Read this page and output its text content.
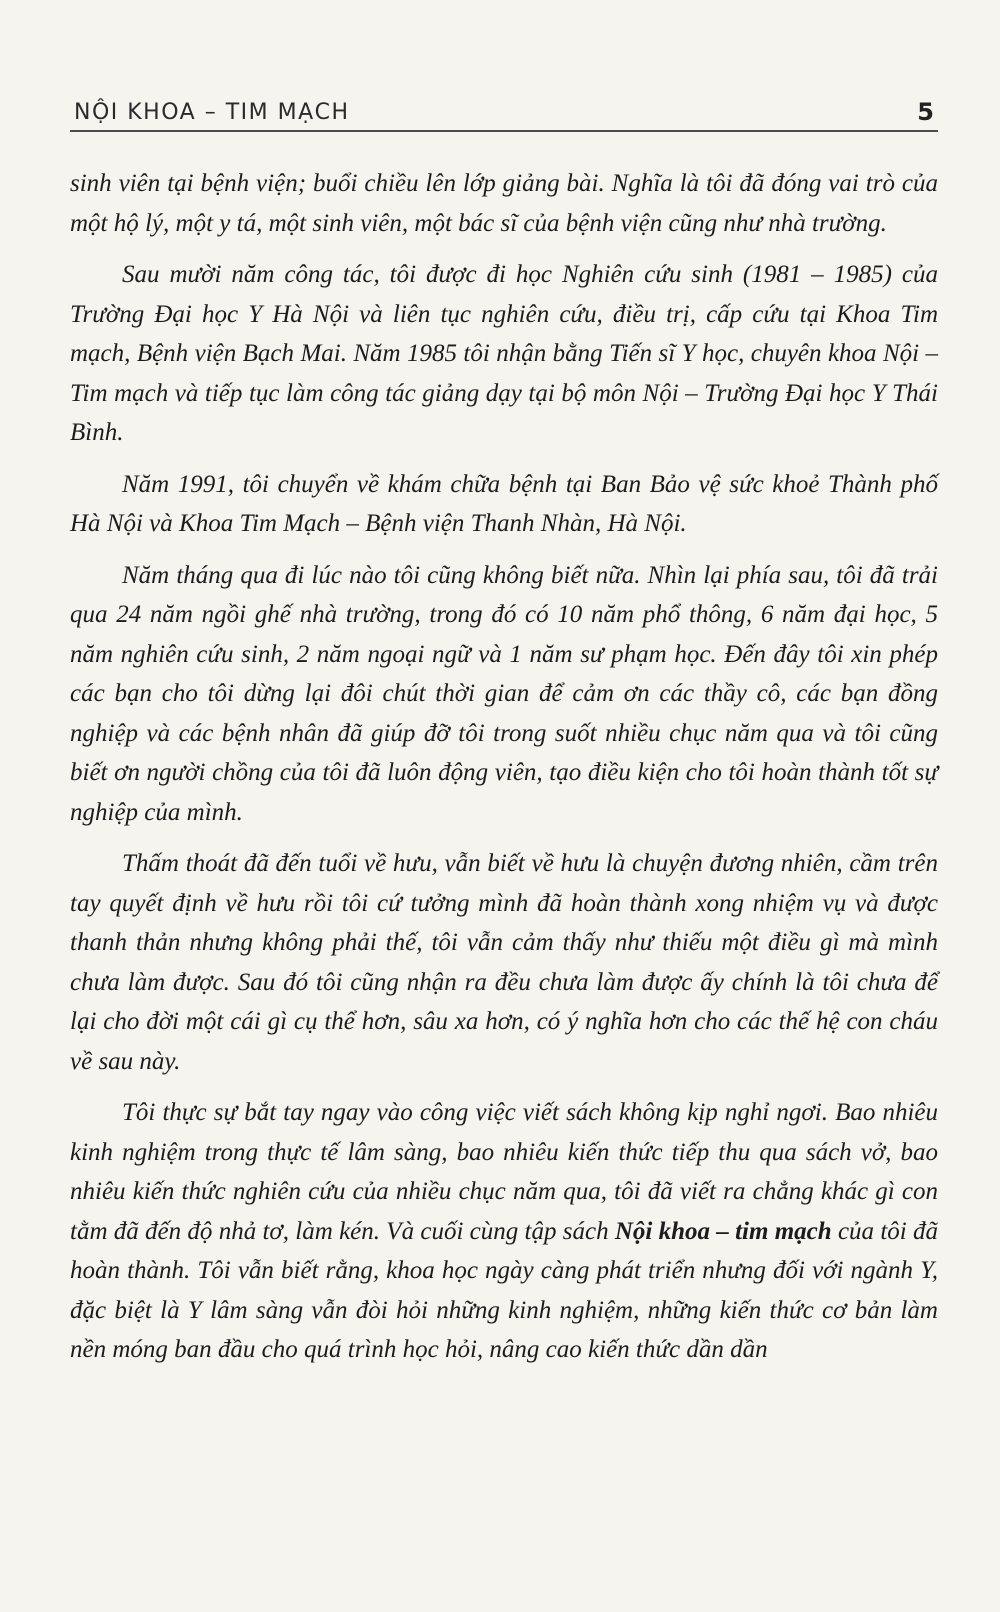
NỘI KHOA – TIM MẠCH	5

sinh viên tại bệnh viện; buổi chiều lên lớp giảng bài. Nghĩa là tôi đã đóng vai trò của một hộ lý, một y tá, một sinh viên, một bác sĩ của bệnh viện cũng như nhà trường.

Sau mười năm công tác, tôi được đi học Nghiên cứu sinh (1981 – 1985) của Trường Đại học Y Hà Nội và liên tục nghiên cứu, điều trị, cấp cứu tại Khoa Tim mạch, Bệnh viện Bạch Mai. Năm 1985 tôi nhận bằng Tiến sĩ Y học, chuyên khoa Nội – Tim mạch và tiếp tục làm công tác giảng dạy tại bộ môn Nội – Trường Đại học Y Thái Bình.

Năm 1991, tôi chuyển về khám chữa bệnh tại Ban Bảo vệ sức khoẻ Thành phố Hà Nội và Khoa Tim Mạch – Bệnh viện Thanh Nhàn, Hà Nội.

Năm tháng qua đi lúc nào tôi cũng không biết nữa. Nhìn lại phía sau, tôi đã trải qua 24 năm ngồi ghế nhà trường, trong đó có 10 năm phổ thông, 6 năm đại học, 5 năm nghiên cứu sinh, 2 năm ngoại ngữ và 1 năm sư phạm học. Đến đây tôi xin phép các bạn cho tôi dừng lại đôi chút thời gian để cảm ơn các thầy cô, các bạn đồng nghiệp và các bệnh nhân đã giúp đỡ tôi trong suốt nhiều chục năm qua và tôi cũng biết ơn người chồng của tôi đã luôn động viên, tạo điều kiện cho tôi hoàn thành tốt sự nghiệp của mình.

Thấm thoát đã đến tuổi về hưu, vẫn biết về hưu là chuyện đương nhiên, cầm trên tay quyết định về hưu rồi tôi cứ tưởng mình đã hoàn thành xong nhiệm vụ và được thanh thản nhưng không phải thế, tôi vẫn cảm thấy như thiếu một điều gì mà mình chưa làm được. Sau đó tôi cũng nhận ra đều chưa làm được ấy chính là tôi chưa để lại cho đời một cái gì cụ thể hơn, sâu xa hơn, có ý nghĩa hơn cho các thế hệ con cháu về sau này.

Tôi thực sự bắt tay ngay vào công việc viết sách không kịp nghỉ ngơi. Bao nhiêu kinh nghiệm trong thực tế lâm sàng, bao nhiêu kiến thức tiếp thu qua sách vở, bao nhiêu kiến thức nghiên cứu của nhiều chục năm qua, tôi đã viết ra chẳng khác gì con tằm đã đến độ nhả tơ, làm kén. Và cuối cùng tập sách Nội khoa – tim mạch của tôi đã hoàn thành. Tôi vẫn biết rằng, khoa học ngày càng phát triển nhưng đối với ngành Y, đặc biệt là Y lâm sàng vẫn đòi hỏi những kinh nghiệm, những kiến thức cơ bản làm nền móng ban đầu cho quá trình học hỏi, nâng cao kiến thức dần dần
